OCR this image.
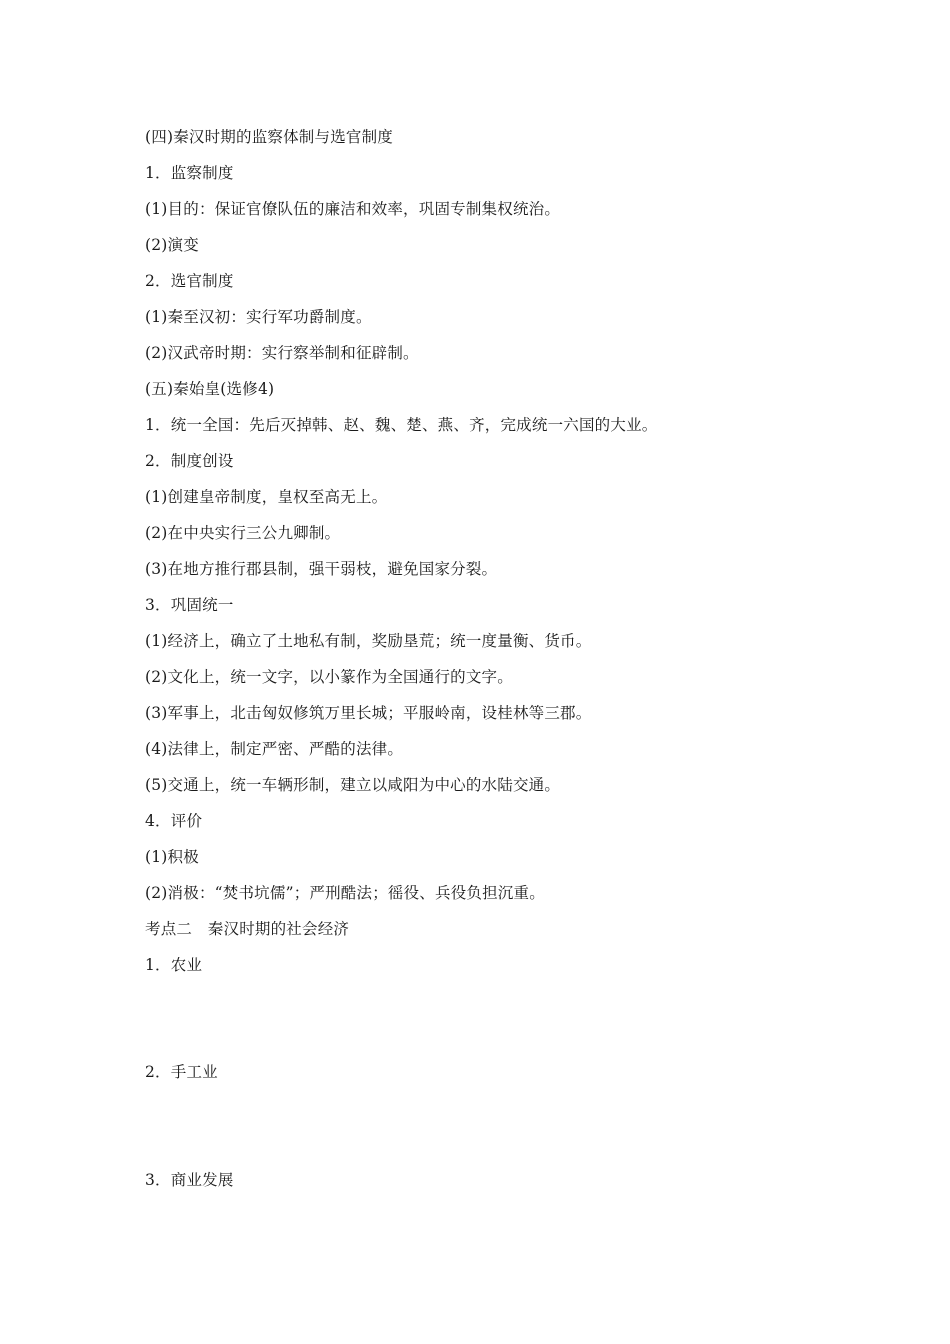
(四)秦汉时期的监察体制与选官制度
1．监察制度
(1)目的：保证官僚队伍的廉洁和效率，巩固专制集权统治。
(2)演变
2．选官制度
(1)秦至汉初：实行军功爵制度。
(2)汉武帝时期：实行察举制和征辟制。
(五)秦始皇(选修4)
1．统一全国：先后灭掉韩、赵、魏、楚、燕、齐，完成统一六国的大业。
2．制度创设
(1)创建皇帝制度，皇权至高无上。
(2)在中央实行三公九卿制。
(3)在地方推行郡县制，强干弱枝，避免国家分裂。
3．巩固统一
(1)经济上，确立了土地私有制，奖励垦荒；统一度量衡、货币。
(2)文化上，统一文字，以小篆作为全国通行的文字。
(3)军事上，北击匈奴修筑万里长城；平服岭南，设桂林等三郡。
(4)法律上，制定严密、严酷的法律。
(5)交通上，统一车辆形制，建立以咸阳为中心的水陆交通。
4．评价
(1)积极
(2)消极：“焚书坑儒”；严刑酷法；徭役、兵役负担沉重。
考点二　秦汉时期的社会经济
1．农业
2．手工业
3．商业发展
